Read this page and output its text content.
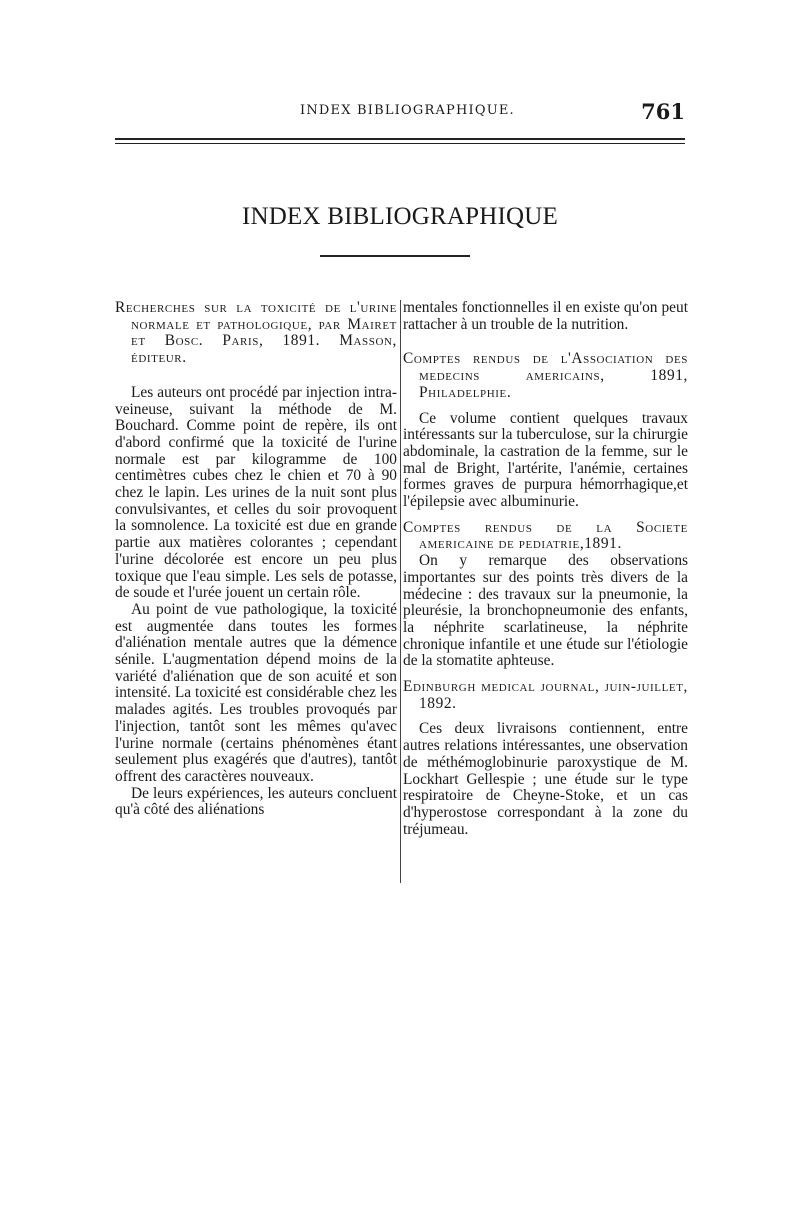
INDEX BIBLIOGRAPHIQUE.	761
INDEX BIBLIOGRAPHIQUE

Recherches sur la toxicité de l'urine normale et pathologique, par Mairet et Bosc. Paris, 1891. Masson, éditeur.

Les auteurs ont procédé par injection intra-veineuse, suivant la méthode de M. Bouchard. Comme point de repère, ils ont d'abord confirmé que la toxicité de l'urine normale est par kilogramme de 100 centimètres cubes chez le chien et 70 à 90 chez le lapin. Les urines de la nuit sont plus convulsivantes, et celles du soir provoquent la somnolence. La toxicité est due en grande partie aux matières colorantes ; cependant l'urine décolorée est encore un peu plus toxique que l'eau simple. Les sels de potasse, de soude et l'urée jouent un certain rôle.

Au point de vue pathologique, la toxicité est augmentée dans toutes les formes d'aliénation mentale autres que la démence sénile. L'augmentation dépend moins de la variété d'aliénation que de son acuité et son intensité. La toxicité est considérable chez les malades agités. Les troubles provoqués par l'injection, tantôt sont les mêmes qu'avec l'urine normale (certains phénomènes étant seulement plus exagérés que d'autres), tantôt offrent des caractères nouveaux.

De leurs expériences, les auteurs concluent qu'à côté des aliénations

mentales fonctionnelles il en existe qu'on peut rattacher à un trouble de la nutrition.

Comptes rendus de l'Association des medecins americains, 1891, Philadelphie.

Ce volume contient quelques travaux intéressants sur la tuberculose, sur la chirurgie abdominale, la castration de la femme, sur le mal de Bright, l'artérite, l'anémie, certaines formes graves de purpura hémorrhagique,et l'épilepsie avec albuminurie.

Comptes rendus de la Societe americaine de pediatrie,1891.

On y remarque des observations importantes sur des points très divers de la médecine : des travaux sur la pneumonie, la pleurésie, la bronchopneumonie des enfants, la néphrite scarlatineuse, la néphrite chronique infantile et une étude sur l'étiologie de la stomatite aphteuse.

Edinburgh medical journal, juin-juillet, 1892.

Ces deux livraisons contiennent, entre autres relations intéressantes, une observation de méthémoglobinurie paroxystique de M. Lockhart Gellespie ; une étude sur le type respiratoire de Cheyne-Stoke, et un cas d'hyperostose correspondant à la zone du tréjumeau.
